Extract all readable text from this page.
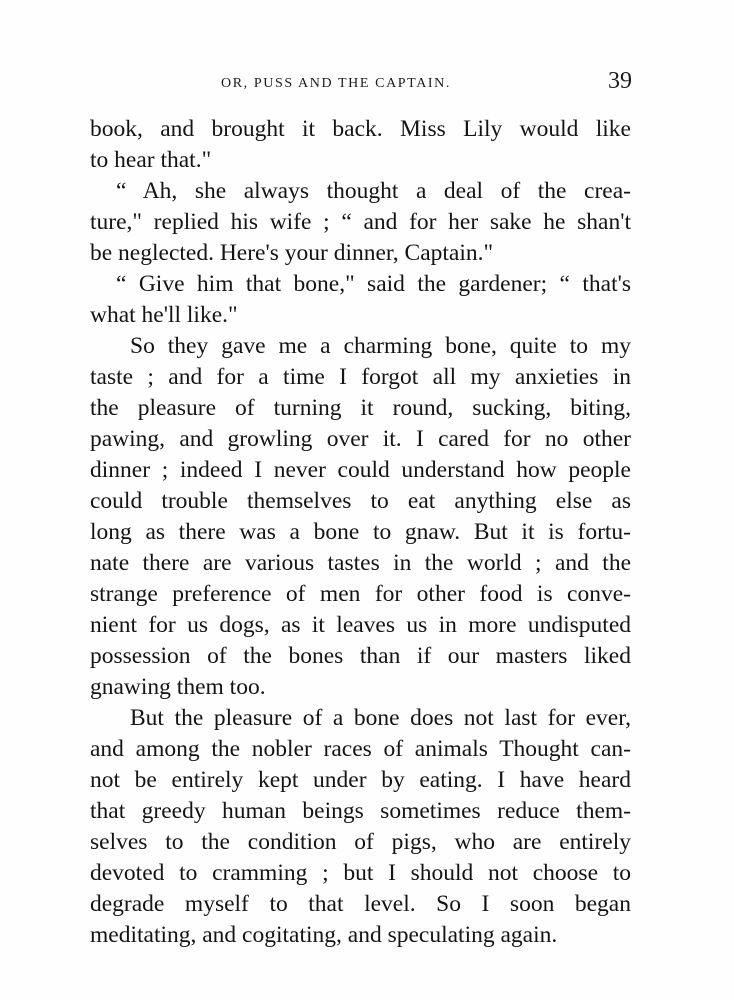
OR, PUSS AND THE CAPTAIN.	39
book, and brought it back. Miss Lily would like
to hear that."
“ Ah, she always thought a deal of the crea-
ture," replied his wife ; “ and for her sake he shan't
be neglected. Here's your dinner, Captain."
“ Give him that bone," said the gardener; “ that's
what he'll like."
So they gave me a charming bone, quite to my
taste ; and for a time I forgot all my anxieties in
the pleasure of turning it round, sucking, biting,
pawing, and growling over it. I cared for no other
dinner ; indeed I never could understand how people
could trouble themselves to eat anything else as
long as there was a bone to gnaw. But it is fortu-
nate there are various tastes in the world ; and the
strange preference of men for other food is conve-
nient for us dogs, as it leaves us in more undisputed
possession of the bones than if our masters liked
gnawing them too.
But the pleasure of a bone does not last for ever,
and among the nobler races of animals Thought can-
not be entirely kept under by eating. I have heard
that greedy human beings sometimes reduce them-
selves to the condition of pigs, who are entirely
devoted to cramming ; but I should not choose to
degrade myself to that level. So I soon began
meditating, and cogitating, and speculating again.
